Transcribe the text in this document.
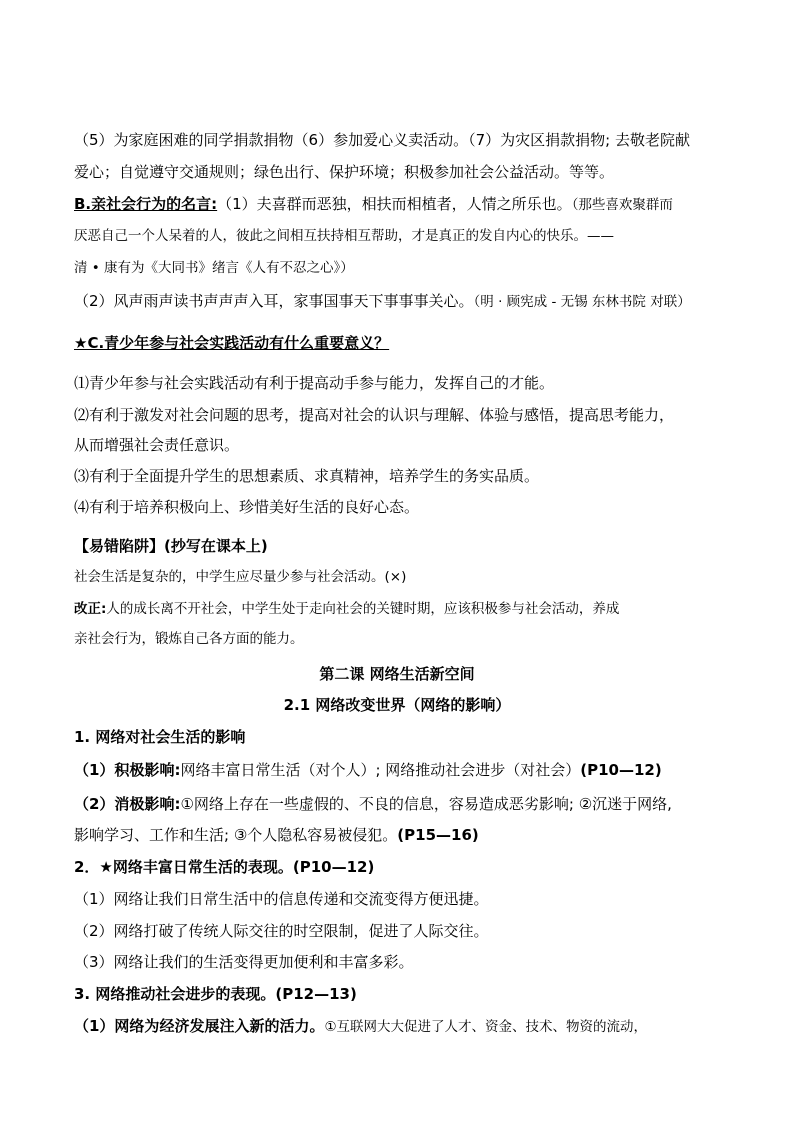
（5）为家庭困难的同学捐款捐物（6）参加爱心义卖活动。（7）为灾区捐款捐物; 去敬老院献
爱心；自觉遵守交通规则；绿色出行、保护环境；积极参加社会公益活动。等等。
B.亲社会行为的名言:（1）夫喜群而恶独，相扶而相植者，人情之所乐也。（那些喜欢聚群而
厌恶自己一个人呆着的人，彼此之间相互扶持相互帮助，才是真正的发自内心的快乐。——
清 • 康有为《大同书》绪言《人有不忍之心》）
（2）风声雨声读书声声声入耳，家事国事天下事事事关心。（明 · 顾宪成 - 无锡 东林书院 对联）
★C.青少年参与社会实践活动有什么重要意义？
⑴青少年参与社会实践活动有利于提高动手参与能力，发挥自己的才能。
⑵有利于激发对社会问题的思考，提高对社会的认识与理解、体验与感悟，提高思考能力，
从而增强社会责任意识。
⑶有利于全面提升学生的思想素质、求真精神，培养学生的务实品质。
⑷有利于培养积极向上、珍惜美好生活的良好心态。
【易错陷阱】(抄写在课本上)
社会生活是复杂的，中学生应尽量少参与社会活动。(×)
改正:人的成长离不开社会，中学生处于走向社会的关键时期，应该积极参与社会活动，养成
亲社会行为，锻炼自己各方面的能力。
第二课 网络生活新空间
2.1 网络改变世界（网络的影响）
1. 网络对社会生活的影响
（1）积极影响:网络丰富日常生活（对个人）; 网络推动社会进步（对社会）(P10—12)
（2）消极影响:①网络上存在一些虚假的、不良的信息，容易造成恶劣影响; ②沉迷于网络,
影响学习、工作和生活; ③个人隐私容易被侵犯。(P15—16)
2．★网络丰富日常生活的表现。(P10—12)
（1）网络让我们日常生活中的信息传递和交流变得方便迅捷。
（2）网络打破了传统人际交往的时空限制，促进了人际交往。
（3）网络让我们的生活变得更加便利和丰富多彩。
3. 网络推动社会进步的表现。(P12—13)
（1）网络为经济发展注入新的活力。①互联网大大促进了人才、资金、技术、物资的流动，
